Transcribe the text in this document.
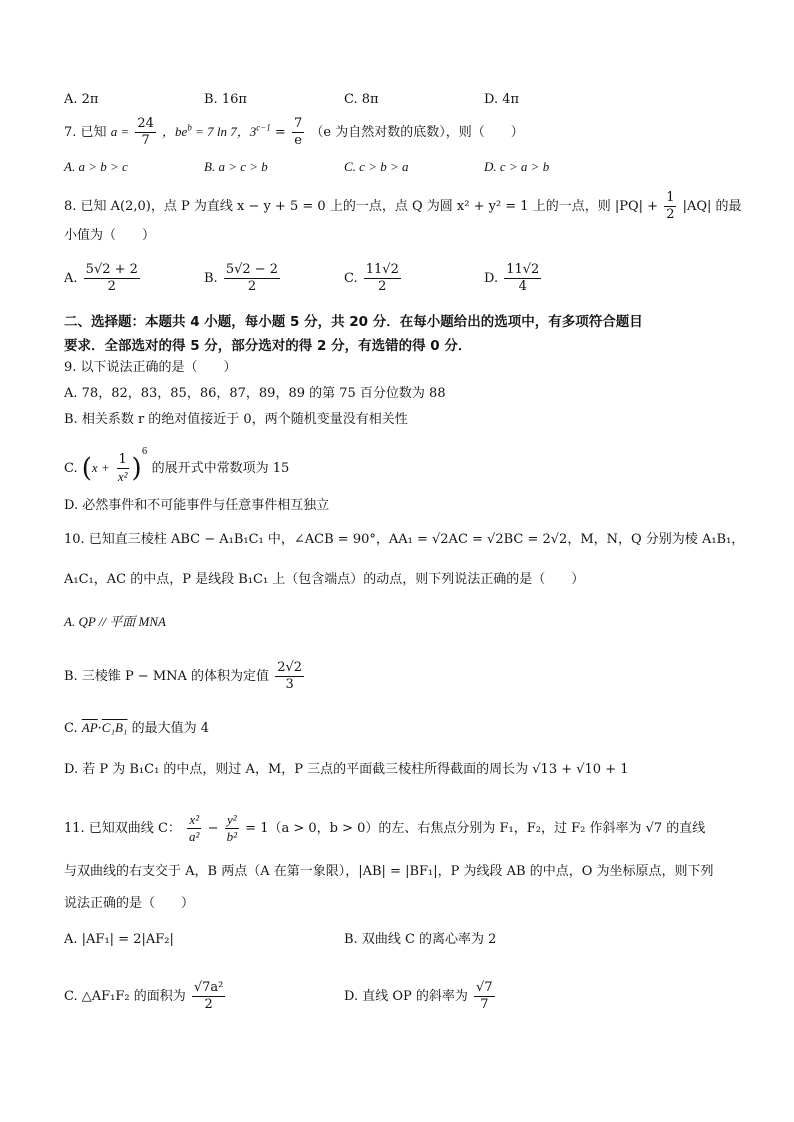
A. 2π	B. 16π	C. 8π	D. 4π
7. 已知 $a = \frac{24}{7}$ ，$be^b = 7$ ln 7，$3^{c-1} = \frac{7}{e} (e$ 为自然对数的底数），则（　　）
A. a > b > c	B. a > c > b	C. c > b > a	D. c > a > b
8. 已知 A(2,0)，点 P 为直线 x − y + 5 = 0 上的一点，点 Q 为圆 x² + y² = 1 上的一点，则 $|PQ| + \frac{1}{2} |AQ|$ 的最
小值为（　　）
A. $\frac{5√2 + 2}{2}$	B. $\frac{5√2 - 2}{2}$	C. $\frac{11√2}{2}$	D. $\frac{11√2}{4}$
二、选择题：本题共 4 小题，每小题 5 分，共 20 分．在每小题给出的选项中，有多项符合题目
要求．全部选对的得 5 分，部分选对的得 2 分，有选错的得 0 分．
9. 以下说法正确的是（　　）
A. 78，82，83，85，86，87，89，89 的第 75 百分位数为 88
B. 相关系数 r 的绝对值接近于 0，两个随机变量没有相关性
C. $(x + \frac{1}{\text{x²}} )^6$ 的展开式中常数项为 15
D. 必然事件和不可能事件与任意事件相互独立
10. 已知直三棱柱 ABC − A₁B₁C₁ 中，∠ACB = 90°，AA₁ = √2AC = √2BC = 2√2，M，N，Q 分别为棱 A₁B₁，
A₁C₁，AC 的中点，P 是线段 B₁C₁ 上（包含端点）的动点，则下列说法正确的是（　　）
A. QP // 平面 MNA
B. 三棱锥 P − MNA 的体积为定值 $\frac{2√2}{3}$
C. $\overline{AP}\cdot C_1B_1$ 的最大值为 4
D. 若 P 为 B₁C₁ 的中点，则过 A，M，P 三点的平面截三棱柱所得截面的周长为 √13 + √10 + 1
11. 已知双曲线 C： $\frac{\text{x²}}{\text{a²}} - \frac{\text{y²}}{\text{b²}} = 1(a > 0$，b > 0）的左、右焦点分别为 F₁，F₂，过 F₂ 作斜率为 √7 的直线
与双曲线的右支交于 A，B 两点（A 在第一象限），|AB| = |BF₁|，P 为线段 AB 的中点，O 为坐标原点，则下列
说法正确的是（　　）
A. |AF₁| = 2|AF₂|	B. 双曲线 C 的离心率为 2
C. △AF₁F₂ 的面积为 $\frac{\text{√7a²}}{2}$	D. 直线 OP 的斜率为 $\frac{√7}{7}$
